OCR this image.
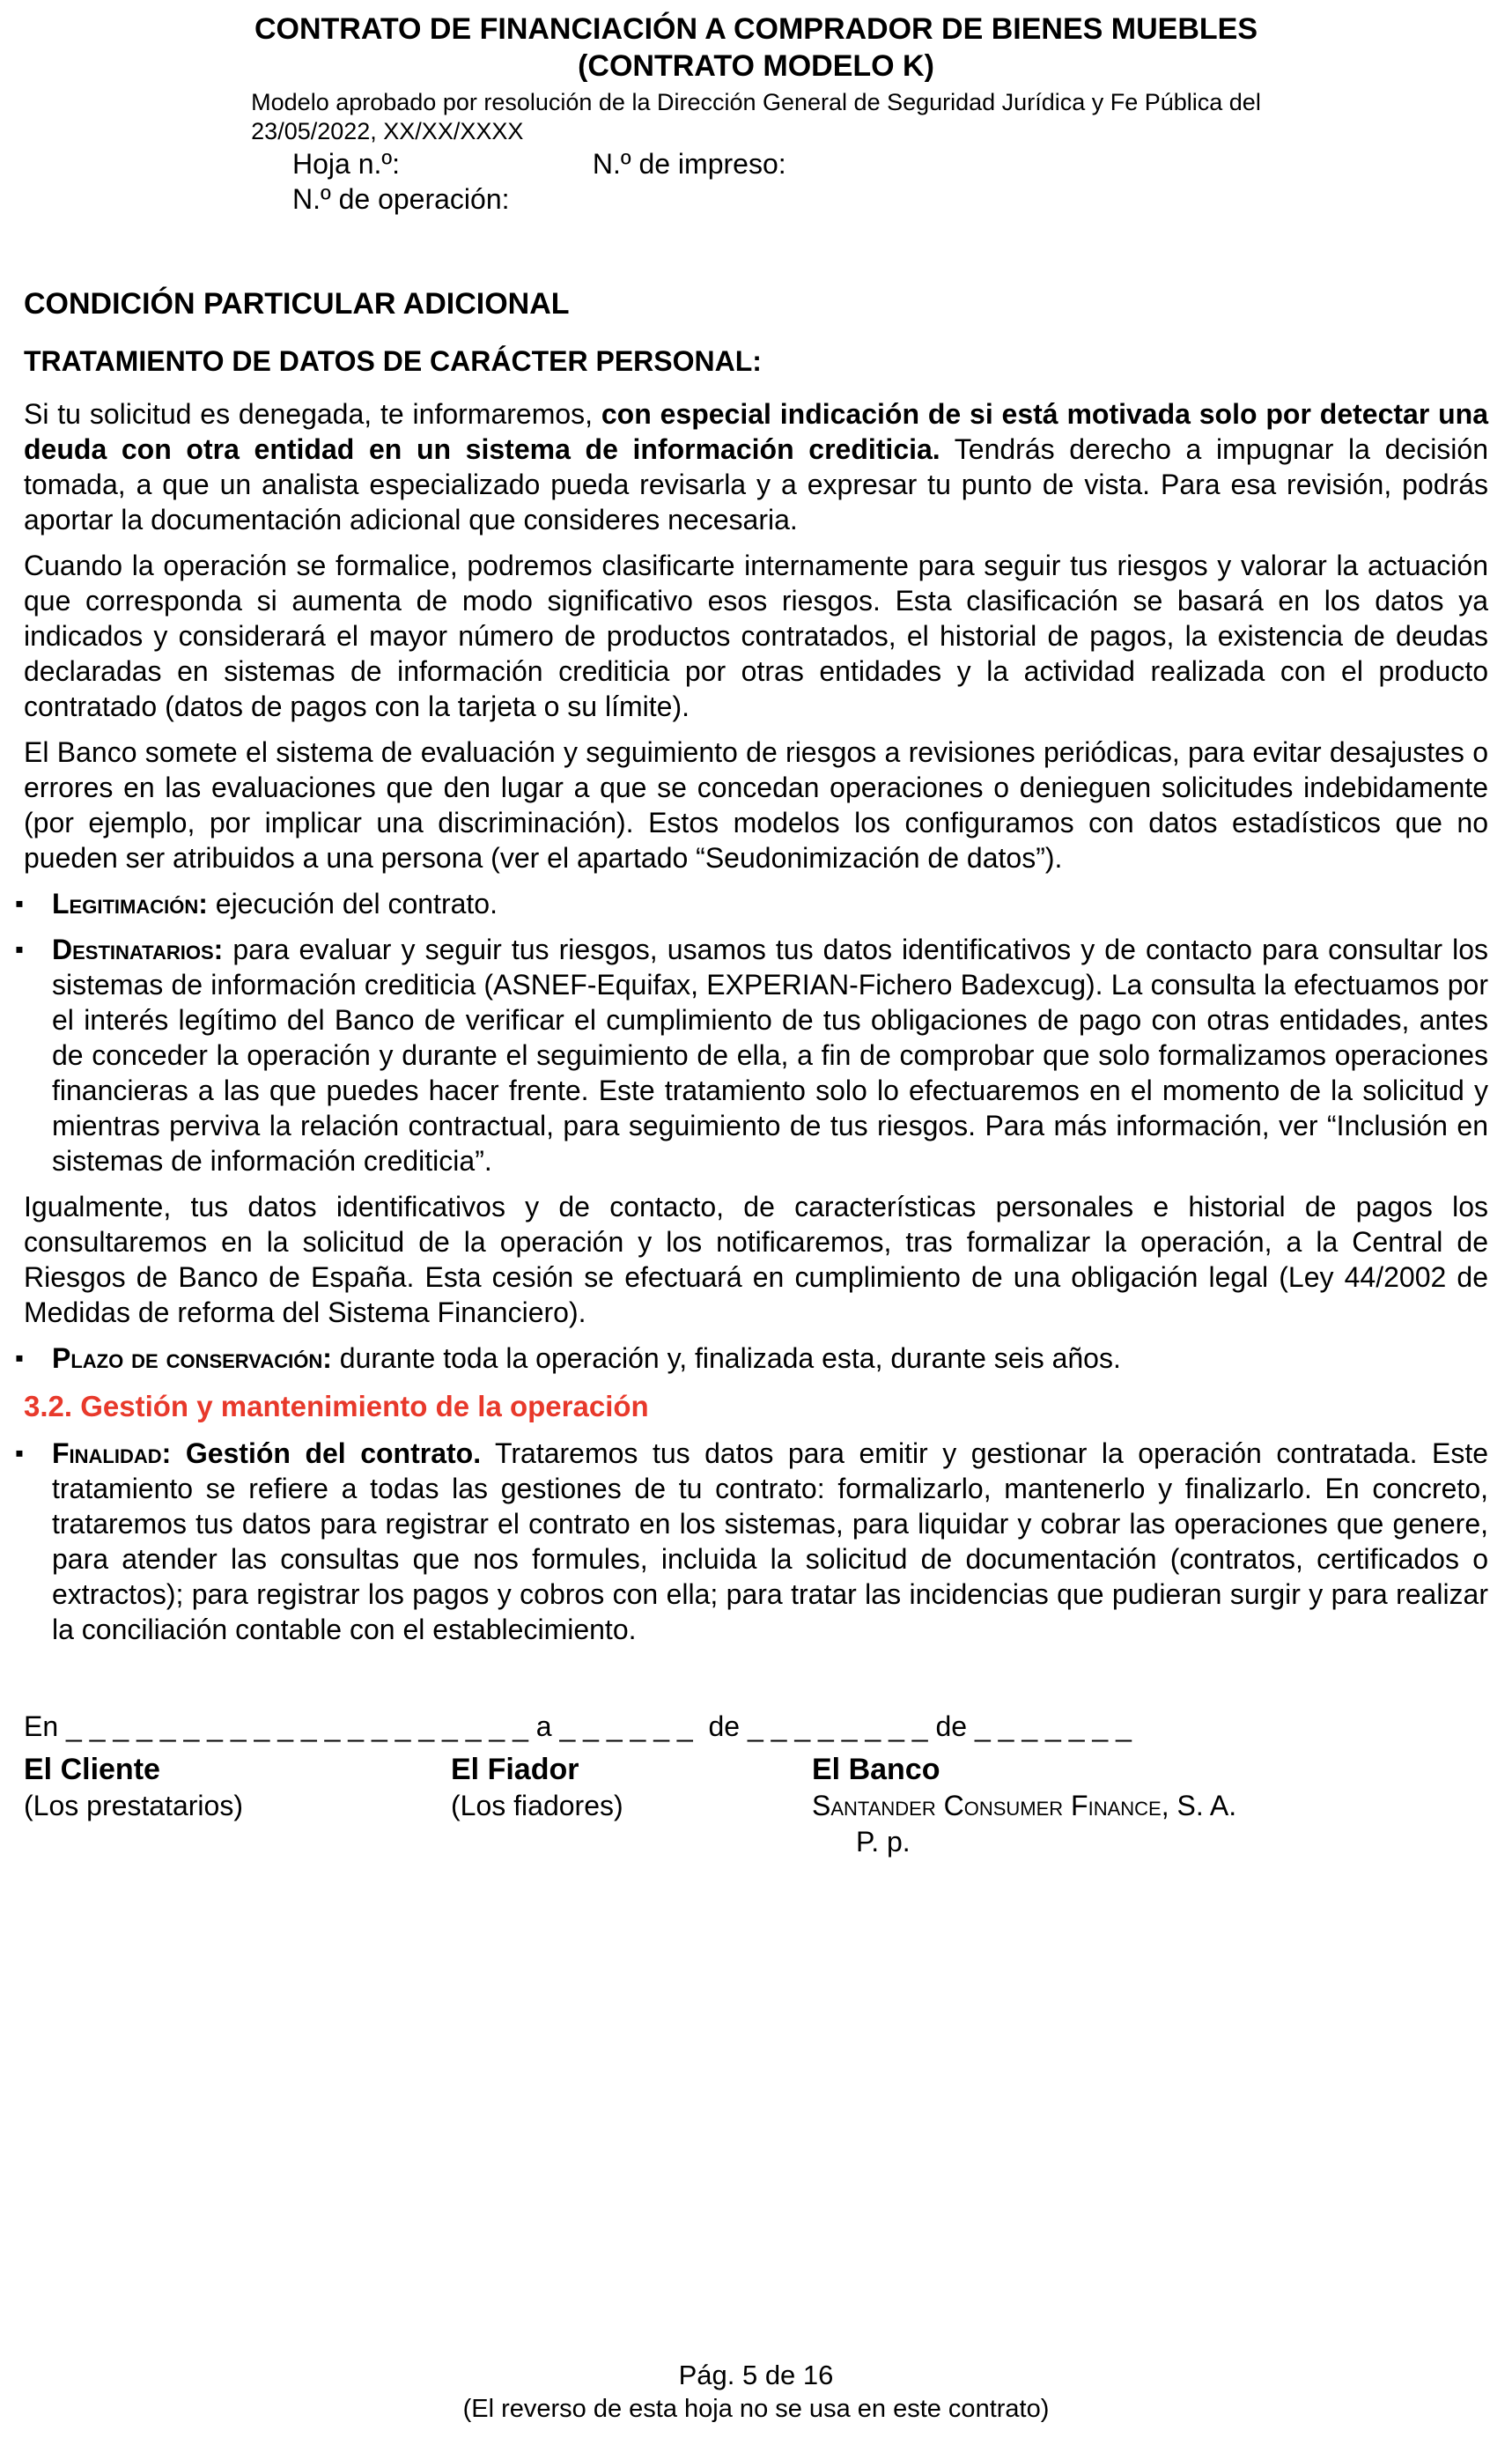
CONTRATO DE FINANCIACIÓN A COMPRADOR DE BIENES MUEBLES
(CONTRATO MODELO K)
Modelo aprobado por resolución de la Dirección General de Seguridad Jurídica y Fe Pública del
23/05/2022, XX/XX/XXXX
Hoja n.º:	N.º de impreso:
N.º de operación:
CONDICIÓN PARTICULAR ADICIONAL
TRATAMIENTO DE DATOS DE CARÁCTER PERSONAL:

Si tu solicitud es denegada, te informaremos, con especial indicación de si está motivada solo por detectar una deuda con otra entidad en un sistema de información crediticia. Tendrás derecho a impugnar la decisión tomada, a que un analista especializado pueda revisarla y a expresar tu punto de vista. Para esa revisión, podrás aportar la documentación adicional que consideres necesaria.

Cuando la operación se formalice, podremos clasificarte internamente para seguir tus riesgos y valorar la actuación que corresponda si aumenta de modo significativo esos riesgos. Esta clasificación se basará en los datos ya indicados y considerará el mayor número de productos contratados, el historial de pagos, la existencia de deudas declaradas en sistemas de información crediticia por otras entidades y la actividad realizada con el producto contratado (datos de pagos con la tarjeta o su límite).

El Banco somete el sistema de evaluación y seguimiento de riesgos a revisiones periódicas, para evitar desajustes o errores en las evaluaciones que den lugar a que se concedan operaciones o denieguen solicitudes indebidamente (por ejemplo, por implicar una discriminación). Estos modelos los configuramos con datos estadísticos que no pueden ser atribuidos a una persona (ver el apartado “Seudonimización de datos”).

▪ Legitimación: ejecución del contrato.

▪ Destinatarios: para evaluar y seguir tus riesgos, usamos tus datos identificativos y de contacto para consultar los sistemas de información crediticia (ASNEF-Equifax, EXPERIAN-Fichero Badexcug). La consulta la efectuamos por el interés legítimo del Banco de verificar el cumplimiento de tus obligaciones de pago con otras entidades, antes de conceder la operación y durante el seguimiento de ella, a fin de comprobar que solo formalizamos operaciones financieras a las que puedes hacer frente. Este tratamiento solo lo efectuaremos en el momento de la solicitud y mientras perviva la relación contractual, para seguimiento de tus riesgos. Para más información, ver “Inclusión en sistemas de información crediticia”.

Igualmente, tus datos identificativos y de contacto, de características personales e historial de pagos los consultaremos en la solicitud de la operación y los notificaremos, tras formalizar la operación, a la Central de Riesgos de Banco de España. Esta cesión se efectuará en cumplimiento de una obligación legal (Ley 44/2002 de Medidas de reforma del Sistema Financiero).

▪ Plazo de conservación: durante toda la operación y, finalizada esta, durante seis años.

3.2. Gestión y mantenimiento de la operación

▪ Finalidad: Gestión del contrato. Trataremos tus datos para emitir y gestionar la operación contratada. Este tratamiento se refiere a todas las gestiones de tu contrato: formalizarlo, mantenerlo y finalizarlo. En concreto, trataremos tus datos para registrar el contrato en los sistemas, para liquidar y cobrar las operaciones que genere, para atender las consultas que nos formules, incluida la solicitud de documentación (contratos, certificados o extractos); para registrar los pagos y cobros con ella; para tratar las incidencias que pudieran surgir y para realizar la conciliación contable con el establecimiento.

En _ _ _ _ _ _ _ _ _ _ _ _ _ _ _ _ _ _ _ _ a _ _ _ _ _ _  de _ _ _ _ _ _ _ _ de _ _ _ _ _ _ _
El Cliente
(Los prestatarios)
El Fiador
(Los fiadores)
El Banco
Santander Consumer Finance, S. A.
P. p.
Pág. 5 de 16
(El reverso de esta hoja no se usa en este contrato)
